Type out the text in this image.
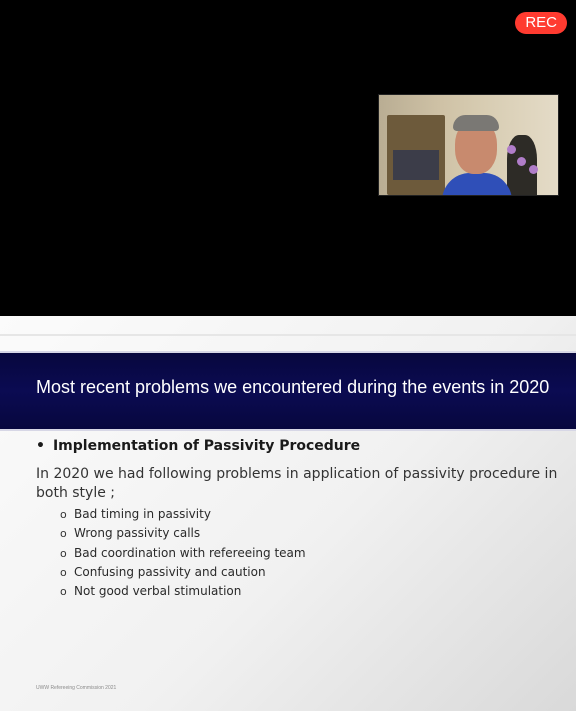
REC
Most recent problems we encountered during the events in 2020
• Implementation of Passivity Procedure
In 2020 we had following problems in application of passivity procedure in both style ;
o Bad timing in passivity
o Wrong passivity calls
o Bad coordination with refereeing team
o Confusing passivity and caution
o Not good verbal stimulation
UWW Refereeing Commission 2021
